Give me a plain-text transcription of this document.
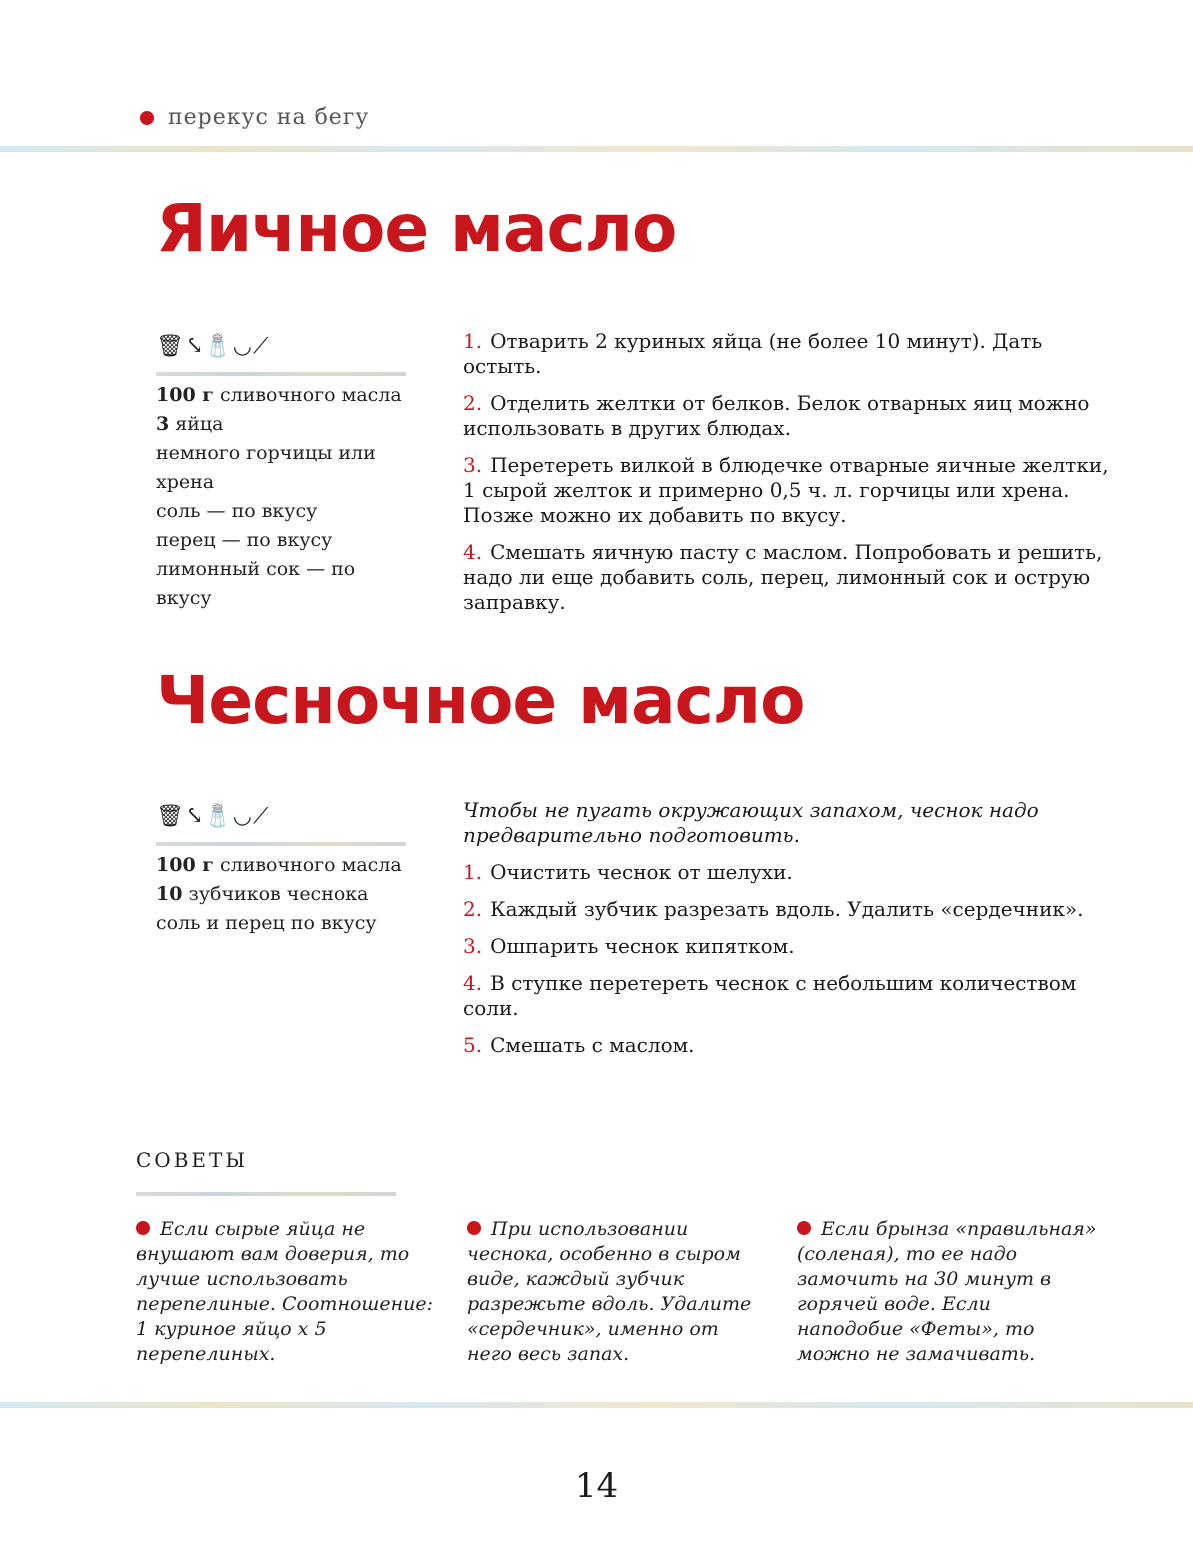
перекус на бегу
Яичное масло
🗑⤥🧂◡⟋
100 г сливочного масла
3 яйца
немного горчицы или
хрена
соль — по вкусу
перец — по вкусу
лимонный сок — по вкусу
1. Отварить 2 куриных яйца (не более 10 минут). Дать остыть.
2. Отделить желтки от белков. Белок отварных яиц можно использовать в других блюдах.
3. Перетереть вилкой в блюдечке отварные яичные желтки, 1 сырой желток и примерно 0,5 ч. л. горчицы или хрена. Позже можно их добавить по вкусу.
4. Смешать яичную пасту с маслом. Попробовать и решить, надо ли еще добавить соль, перец, лимонный сок и острую заправку.
Чесночное масло
🗑⤥🧂◡⟋
100 г сливочного масла
10 зубчиков чеснока
соль и перец по вкусу
Чтобы не пугать окружающих запахом, чеснок надо предварительно подготовить.
1. Очистить чеснок от шелухи.
2. Каждый зубчик разрезать вдоль. Удалить «сердечник».
3. Ошпарить чеснок кипятком.
4. В ступке перетереть чеснок с небольшим количеством соли.
5. Смешать с маслом.
СОВЕТЫ
Если сырые яйца не внушают вам доверия, то лучше использовать перепелиные. Соотношение: 1 куриное яйцо х 5 перепелиных.
При использовании чеснока, особенно в сыром виде, каждый зубчик разрежьте вдоль. Удалите «сердечник», именно от него весь запах.
Если брынза «правильная» (соленая), то ее надо замочить на 30 минут в горячей воде. Если наподобие «Феты», то можно не замачивать.
14
